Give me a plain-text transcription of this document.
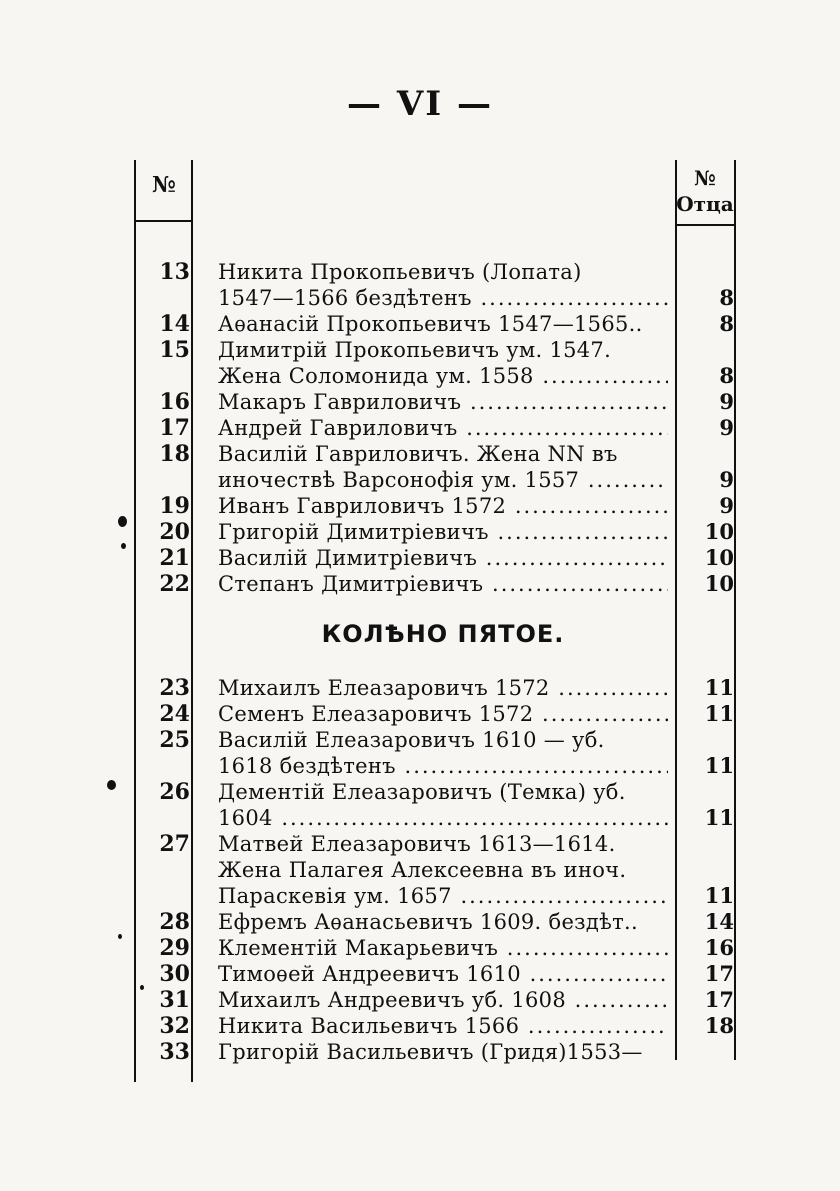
— VI —
№	№
Отца
13 Никита Прокопьевичъ (Лопата)
1547—1566 бездѣтенъ .....	8
14 Аѳанасій Прокопьевичъ 1547—1565..	8
15 Димитрій Прокопьевичъ ум. 1547.
Жена Соломонида ум. 1558 .....	8
16 Макаръ Гавриловичъ .....	9
17 Андрей Гавриловичъ .....	9
18 Василій Гавриловичъ. Жена NN въ
иночествѣ Варсонофія ум. 1557 .....	9
19 Иванъ Гавриловичъ 1572 .....	9
20 Григорій Димитріевичъ .....	10
21 Василій Димитріевичъ .....	10
22 Степанъ Димитріевичъ .....	10
КОЛѢНО ПЯТОЕ.
23 Михаилъ Елеазаровичъ 1572 .....	11
24 Семенъ Елеазаровичъ 1572 .....	11
25 Василій Елеазаровичъ 1610 — уб.
1618 бездѣтенъ .....	11
26 Дементій Елеазаровичъ (Темка) уб.
1604 .....	11
27 Матвей Елеазаровичъ 1613—1614.
Жена Палагея Алексеевна въ иноч.
Параскевія ум. 1657 .....	11
28 Ефремъ Аѳанасьевичъ 1609. бездѣт..	14
29 Клементій Макарьевичъ .....	16
30 Тимоѳей Андреевичъ 1610 .....	17
31 Михаилъ Андреевичъ уб. 1608 .....	17
32 Никита Васильевичъ 1566 .....	18
33 Григорій Васильевичъ (Гридя)1553—
